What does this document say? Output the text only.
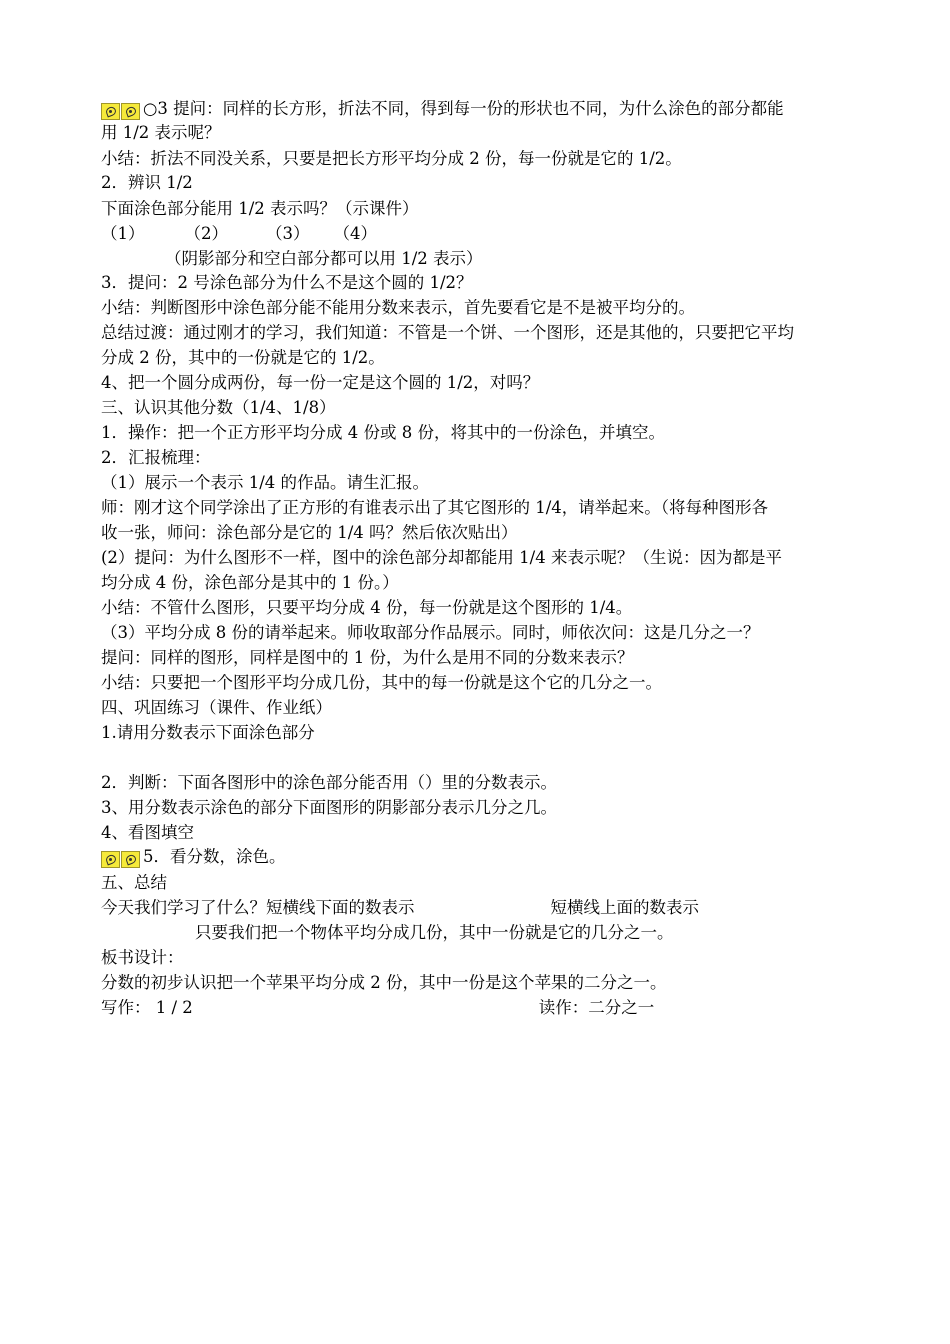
○3 提问：同样的长方形，折法不同，得到每一份的形状也不同，为什么涂色的部分都能
用 1/2 表示呢？
小结：折法不同没关系，只要是把长方形平均分成 2 份，每一份就是它的 1/2。
2．辨识 1/2
下面涂色部分能用 1/2 表示吗？（示课件）
（1） （2） （3） （4）
（阴影部分和空白部分都可以用 1/2 表示）
3．提问：2 号涂色部分为什么不是这个圆的 1/2？
小结：判断图形中涂色部分能不能用分数来表示，首先要看它是不是被平均分的。
总结过渡：通过刚才的学习，我们知道：不管是一个饼、一个图形，还是其他的，只要把它平均
分成 2 份，其中的一份就是它的 1/2。
4、把一个圆分成两份，每一份一定是这个圆的 1/2，对吗？
三、认识其他分数（1/4、1/8）
1．操作：把一个正方形平均分成 4 份或 8 份，将其中的一份涂色，并填空。
2．汇报梳理：
（1）展示一个表示 1/4 的作品。请生汇报。
师：刚才这个同学涂出了正方形的有谁表示出了其它图形的 1/4，请举起来。（将每种图形各
收一张，师问：涂色部分是它的 1/4 吗？然后依次贴出）
(2）提问：为什么图形不一样，图中的涂色部分却都能用 1/4 来表示呢？（生说：因为都是平
均分成 4 份，涂色部分是其中的 1 份。）
小结：不管什么图形，只要平均分成 4 份，每一份就是这个图形的 1/4。
（3）平均分成 8 份的请举起来。师收取部分作品展示。同时，师依次问：这是几分之一？
提问：同样的图形，同样是图中的 1 份，为什么是用不同的分数来表示？
小结：只要把一个图形平均分成几份，其中的每一份就是这个它的几分之一。
四、巩固练习（课件、作业纸）
1.请用分数表示下面涂色部分
2．判断：下面各图形中的涂色部分能否用（）里的分数表示。
3、用分数表示涂色的部分下面图形的阴影部分表示几分之几。
4、看图填空
5．看分数，涂色。
五、总结
今天我们学习了什么？短横线下面的数表示	短横线上面的数表示
只要我们把一个物体平均分成几份，其中一份就是它的几分之一。
板书设计：
分数的初步认识把一个苹果平均分成 2 份，其中一份是这个苹果的二分之一。
写作： 1 / 2	读作：二分之一
